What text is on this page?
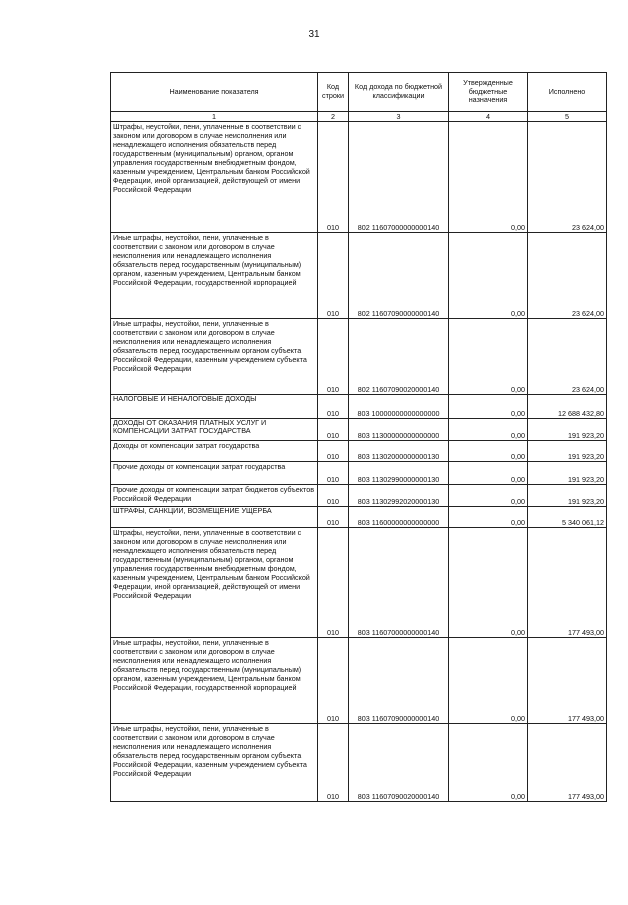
31
Наименование показателя	Код строки	Код дохода по бюджетной классификации	Утвержденные бюджетные назначения	Исполнено
1	2	3	4	5
Штрафы, неустойки, пени, уплаченные в соответствии с законом или договором в случае неисполнения или ненадлежащего исполнения обязательств перед государственным (муниципальным) органом, органом управления государственным внебюджетным фондом, казенным учреждением, Центральным банком Российской Федерации, иной организацией, действующей от имени Российской Федерации	010	802 11607000000000140	0,00	23 624,00
Иные штрафы, неустойки, пени, уплаченные в соответствии с законом или договором в случае неисполнения или ненадлежащего исполнения обязательств перед государственным (муниципальным) органом, казенным учреждением, Центральным банком Российской Федерации, государственной корпорацией	010	802 11607090000000140	0,00	23 624,00
Иные штрафы, неустойки, пени, уплаченные в соответствии с законом или договором в случае неисполнения или ненадлежащего исполнения обязательств перед государственным органом субъекта Российской Федерации, казенным учреждением субъекта Российской Федерации	010	802 11607090020000140	0,00	23 624,00
НАЛОГОВЫЕ И НЕНАЛОГОВЫЕ ДОХОДЫ	010	803 10000000000000000	0,00	12 688 432,80
ДОХОДЫ ОТ ОКАЗАНИЯ ПЛАТНЫХ УСЛУГ И КОМПЕНСАЦИИ ЗАТРАТ ГОСУДАРСТВА	010	803 11300000000000000	0,00	191 923,20
Доходы от компенсации затрат государства	010	803 11302000000000130	0,00	191 923,20
Прочие доходы от компенсации затрат государства	010	803 11302990000000130	0,00	191 923,20
Прочие доходы от компенсации затрат бюджетов субъектов Российской Федерации	010	803 11302992020000130	0,00	191 923,20
ШТРАФЫ, САНКЦИИ, ВОЗМЕЩЕНИЕ УЩЕРБА	010	803 11600000000000000	0,00	5 340 061,12
Штрафы, неустойки, пени, уплаченные в соответствии с законом или договором в случае неисполнения или ненадлежащего исполнения обязательств перед государственным (муниципальным) органом, органом управления государственным внебюджетным фондом, казенным учреждением, Центральным банком Российской Федерации, иной организацией, действующей от имени Российской Федерации	010	803 11607000000000140	0,00	177 493,00
Иные штрафы, неустойки, пени, уплаченные в соответствии с законом или договором в случае неисполнения или ненадлежащего исполнения обязательств перед государственным (муниципальным) органом, казенным учреждением, Центральным банком Российской Федерации, государственной корпорацией	010	803 11607090000000140	0,00	177 493,00
Иные штрафы, неустойки, пени, уплаченные в соответствии с законом или договором в случае неисполнения или ненадлежащего исполнения обязательств перед государственным органом субъекта Российской Федерации, казенным учреждением субъекта Российской Федерации	010	803 11607090020000140	0,00	177 493,00
